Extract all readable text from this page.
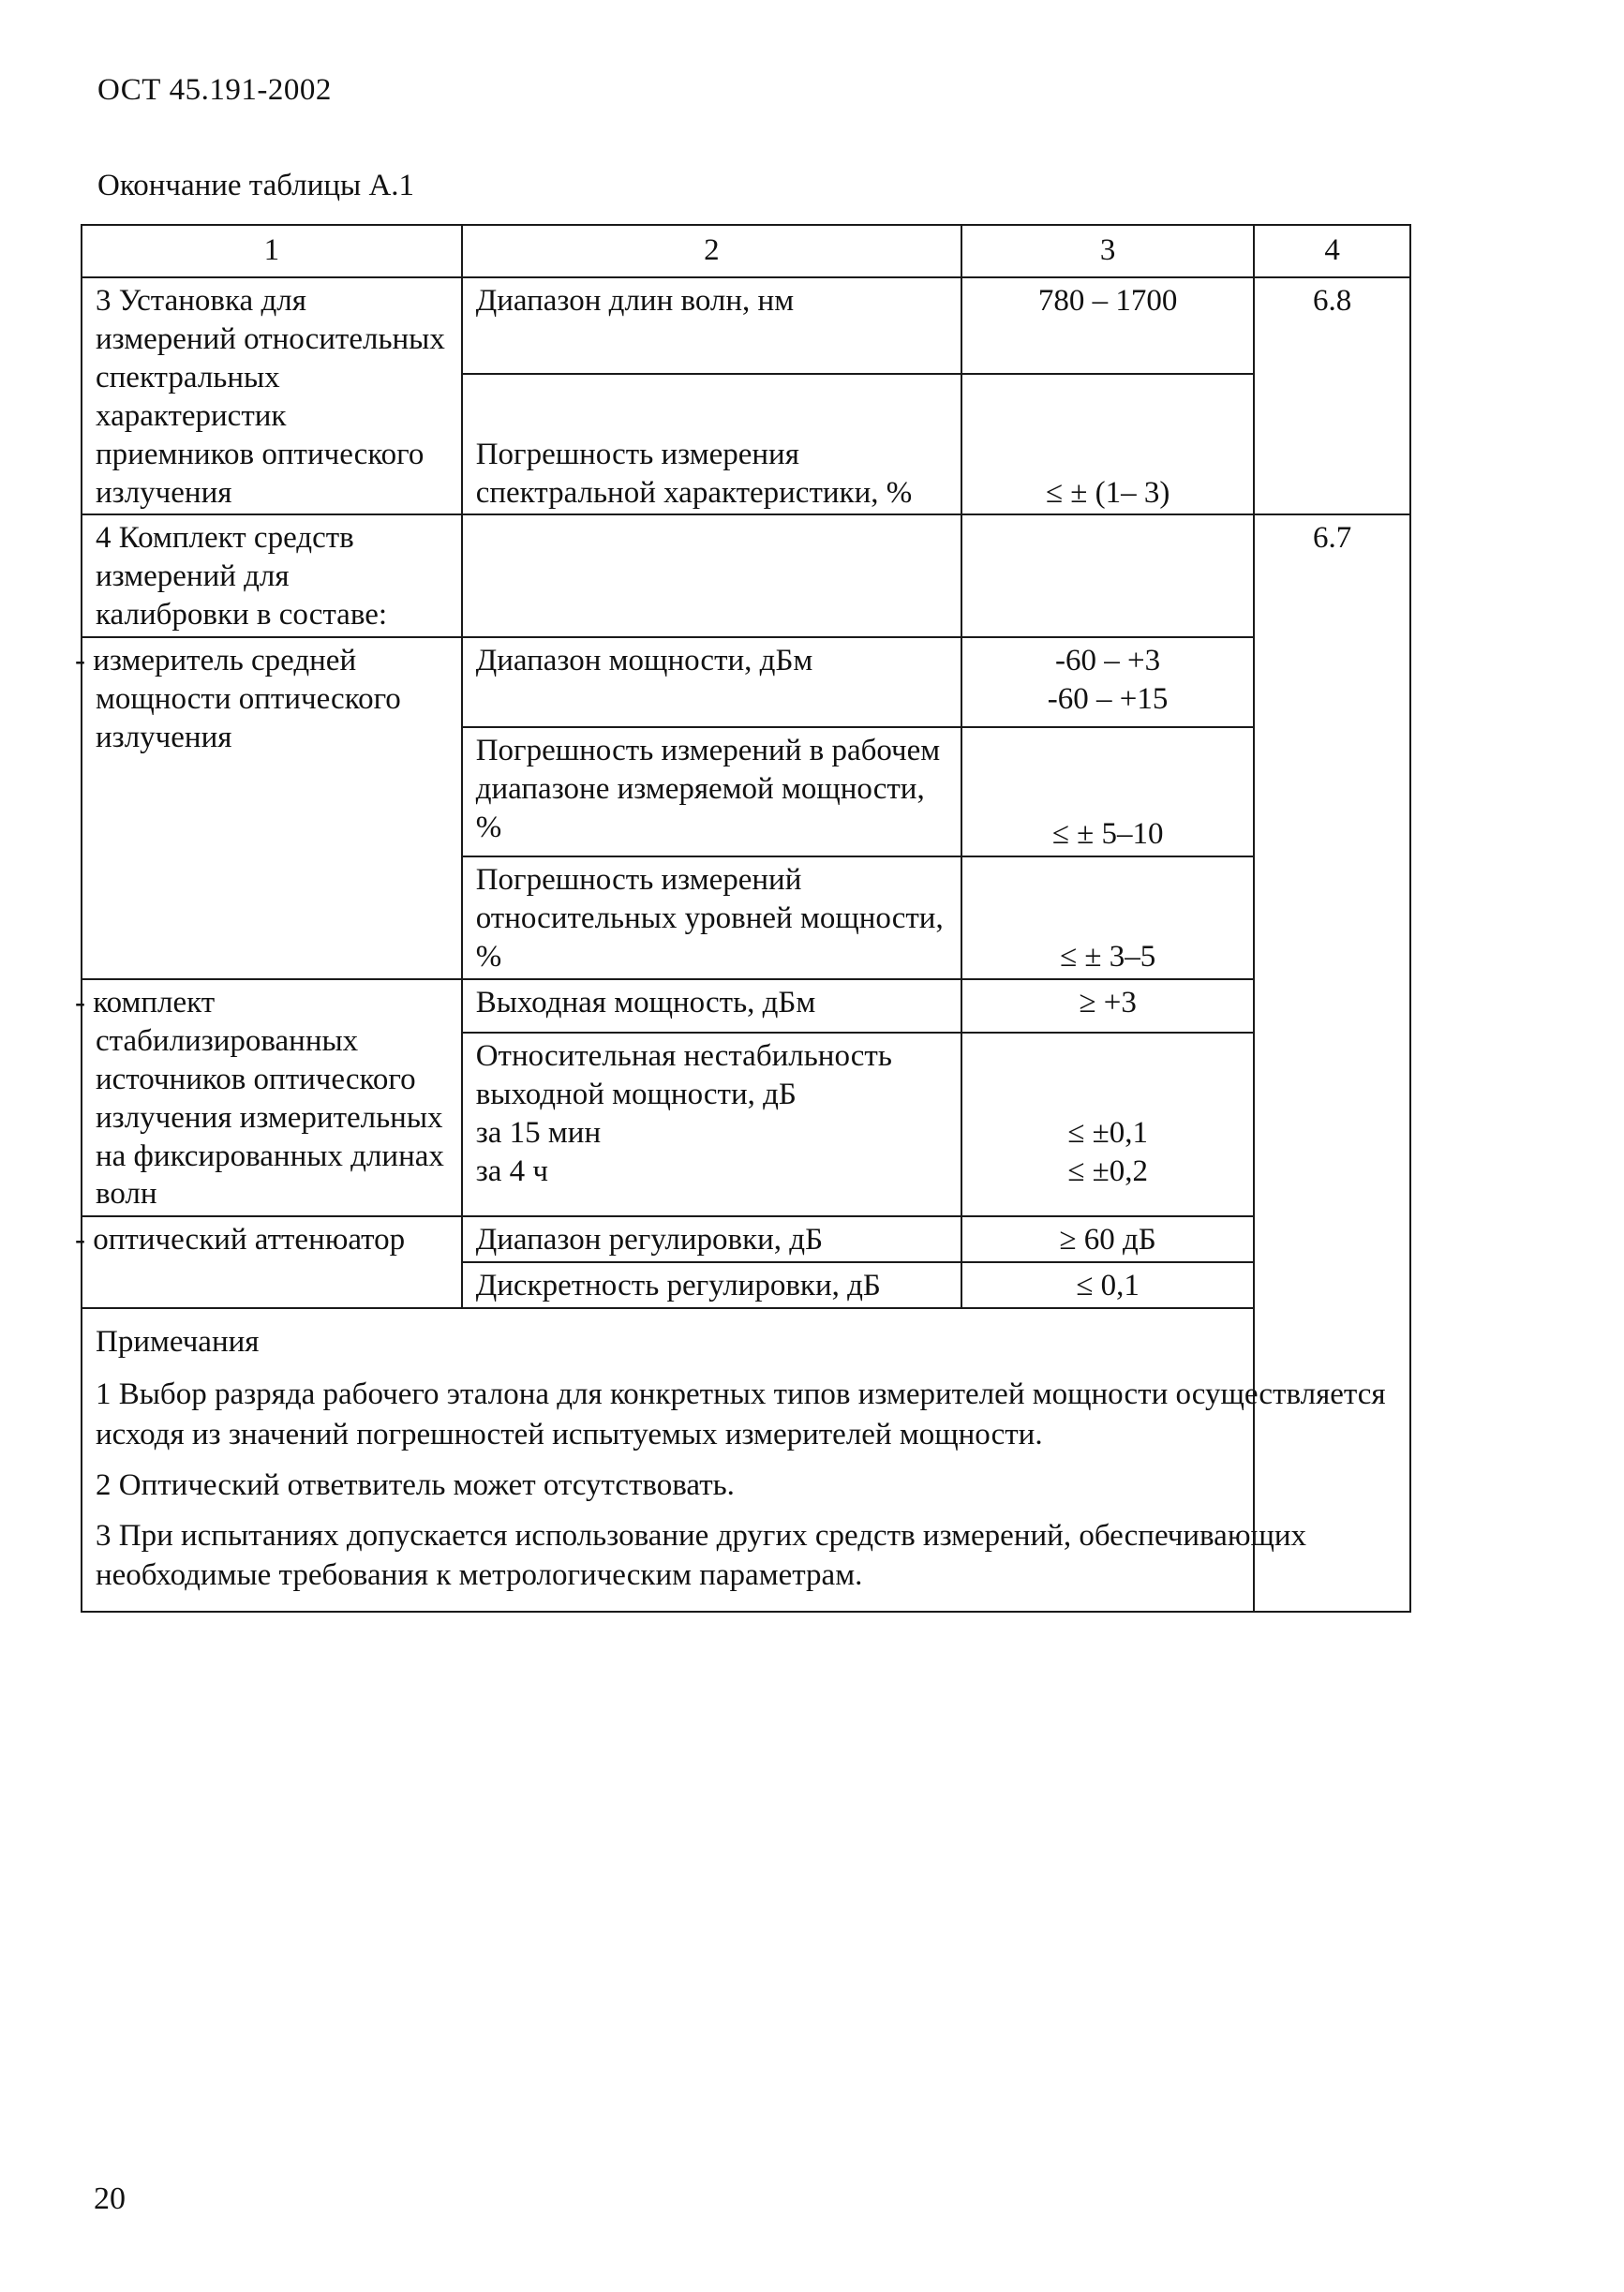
ОСТ 45.191-2002
Окончание таблицы А.1
1	2	3	4
3 Установка для измерений относительных спектральных характеристик приемников оптического излучения	Диапазон длин волн, нм	780 – 1700	6.8
	Погрешность измерения спектральной характеристики, %	≤ ± (1– 3)	
4 Комплект средств измерений для калибровки в составе:			6.7
- измеритель средней мощности оптического излучения	Диапазон мощности, дБм	-60 – +3
-60 – +15	

	Погрешность измерений в рабочем диапазоне измеряемой мощности, %	≤ ± 5–10	
	Погрешность измерений относительных уровней мощности, %	≤ ± 3–5	
- комплект стабилизированных источников оптического излучения измерительных на фиксированных длинах волн	Выходная мощность, дБм	≥ +3	

	Относительная нестабильность выходной мощности, дБ
за 15 мин
за 4 ч	≤ ±0,1
≤ ±0,2	

- оптический аттенюатор	Диапазон регулировки, дБ	≥ 60 дБ	
	Дискретность регулировки, дБ	≤ 0,1	

Примечания
1 Выбор разряда рабочего эталона для конкретных типов измерителей мощности осуществляется исходя из значений погрешностей испытуемых измерителей мощности.
2 Оптический ответвитель может отсутствовать.
3 При испытаниях допускается использование других средств измерений, обеспечивающих необходимые требования к метрологическим параметрам.			
20
